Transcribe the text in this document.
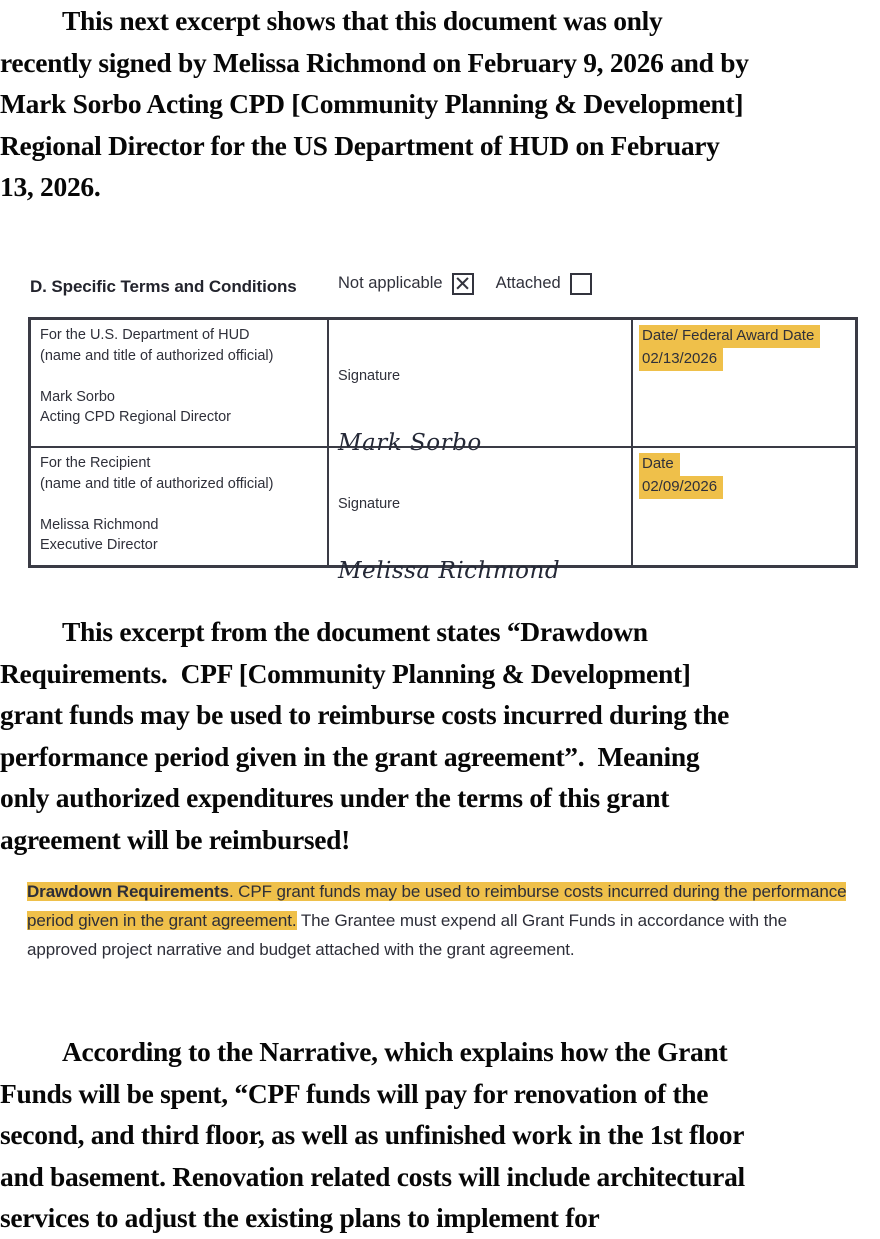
This next excerpt shows that this document was only
recently signed by Melissa Richmond on February 9, 2026 and by
Mark Sorbo Acting CPD [Community Planning & Development]
Regional Director for the US Department of HUD on February
13, 2026.
D. Specific Terms and Conditions	Not applicable ✕ Attached
For the U.S. Department of HUD
(name and title of authorized official)

Mark Sorbo
Acting CPD Regional Director

Signature

Mark Sorbo

Date/ Federal Award Date
02/13/2026
For the Recipient
(name and title of authorized official)

Melissa Richmond
Executive Director

Signature

Melissa Richmond

Date
02/09/2026
This excerpt from the document states “Drawdown
Requirements.  CPF [Community Planning & Development]
grant funds may be used to reimburse costs incurred during the
performance period given in the grant agreement”.  Meaning
only authorized expenditures under the terms of this grant
agreement will be reimbursed!
Drawdown Requirements. CPF grant funds may be used to reimburse costs incurred during the performance
period given in the grant agreement. The Grantee must expend all Grant Funds in accordance with the
approved project narrative and budget attached with the grant agreement.
According to the Narrative, which explains how the Grant
Funds will be spent, “CPF funds will pay for renovation of the
second, and third floor, as well as unfinished work in the 1st floor
and basement. Renovation related costs will include architectural
services to adjust the existing plans to implement for
